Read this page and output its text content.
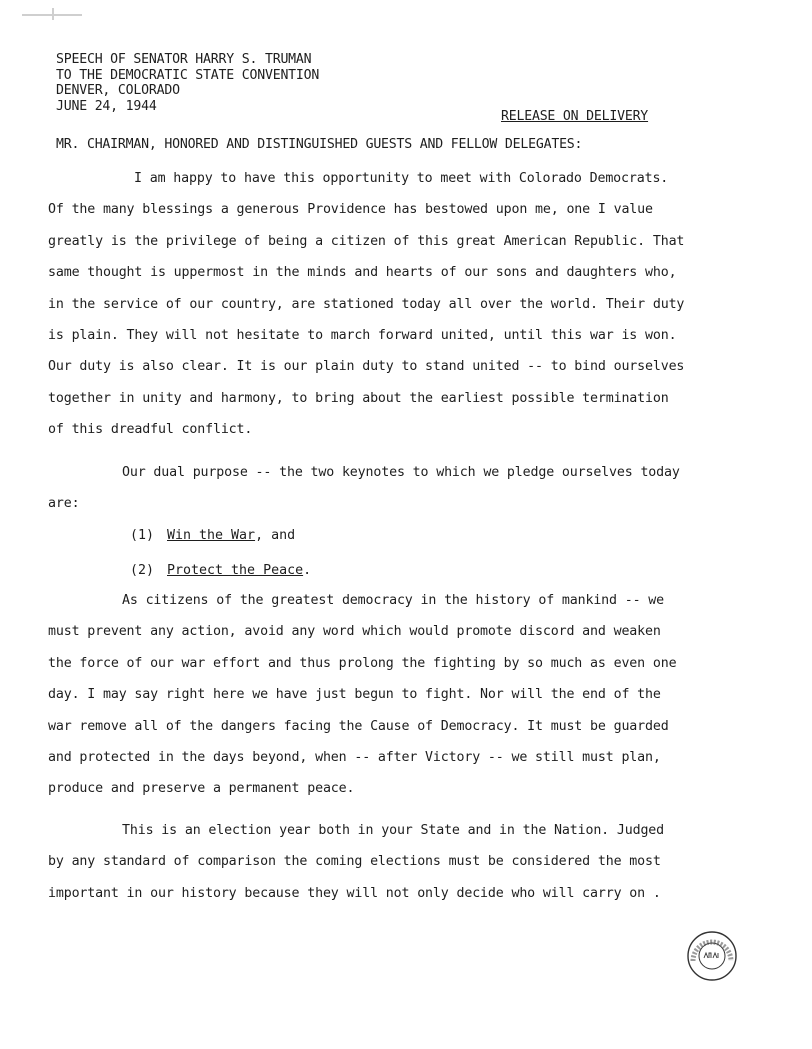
SPEECH OF SENATOR HARRY S. TRUMAN
TO THE DEMOCRATIC STATE CONVENTION
DENVER, COLORADO
JUNE 24, 1944
RELEASE ON DELIVERY
MR. CHAIRMAN, HONORED AND DISTINGUISHED GUESTS AND FELLOW DELEGATES:

I am happy to have this opportunity to meet with Colorado Democrats.

Of the many blessings a generous Providence has bestowed upon me, one I value

greatly is the privilege of being a citizen of this great American Republic. That

same thought is uppermost in the minds and hearts of our sons and daughters who,

in the service of our country, are stationed today all over the world. Their duty

is plain. They will not hesitate to march forward united, until this war is won.

Our duty is also clear. It is our plain duty to stand united -- to bind ourselves

together in unity and harmony, to bring about the earliest possible termination

of this dreadful conflict.

Our dual purpose -- the two keynotes to which we pledge ourselves today

are:

(1) Win the War, and
(2) Protect the Peace.

As citizens of the greatest democracy in the history of mankind -- we

must prevent any action, avoid any word which would promote discord and weaken

the force of our war effort and thus prolong the fighting by so much as even one

day. I may say right here we have just begun to fight. Nor will the end of the

war remove all of the dangers facing the Cause of Democracy. It must be guarded

and protected in the days beyond, when -- after Victory -- we still must plan,

produce and preserve a permanent peace.

This is an election year both in your State and in the Nation. Judged

by any standard of comparison the coming elections must be considered the most

important in our history because they will not only decide who will carry on .
